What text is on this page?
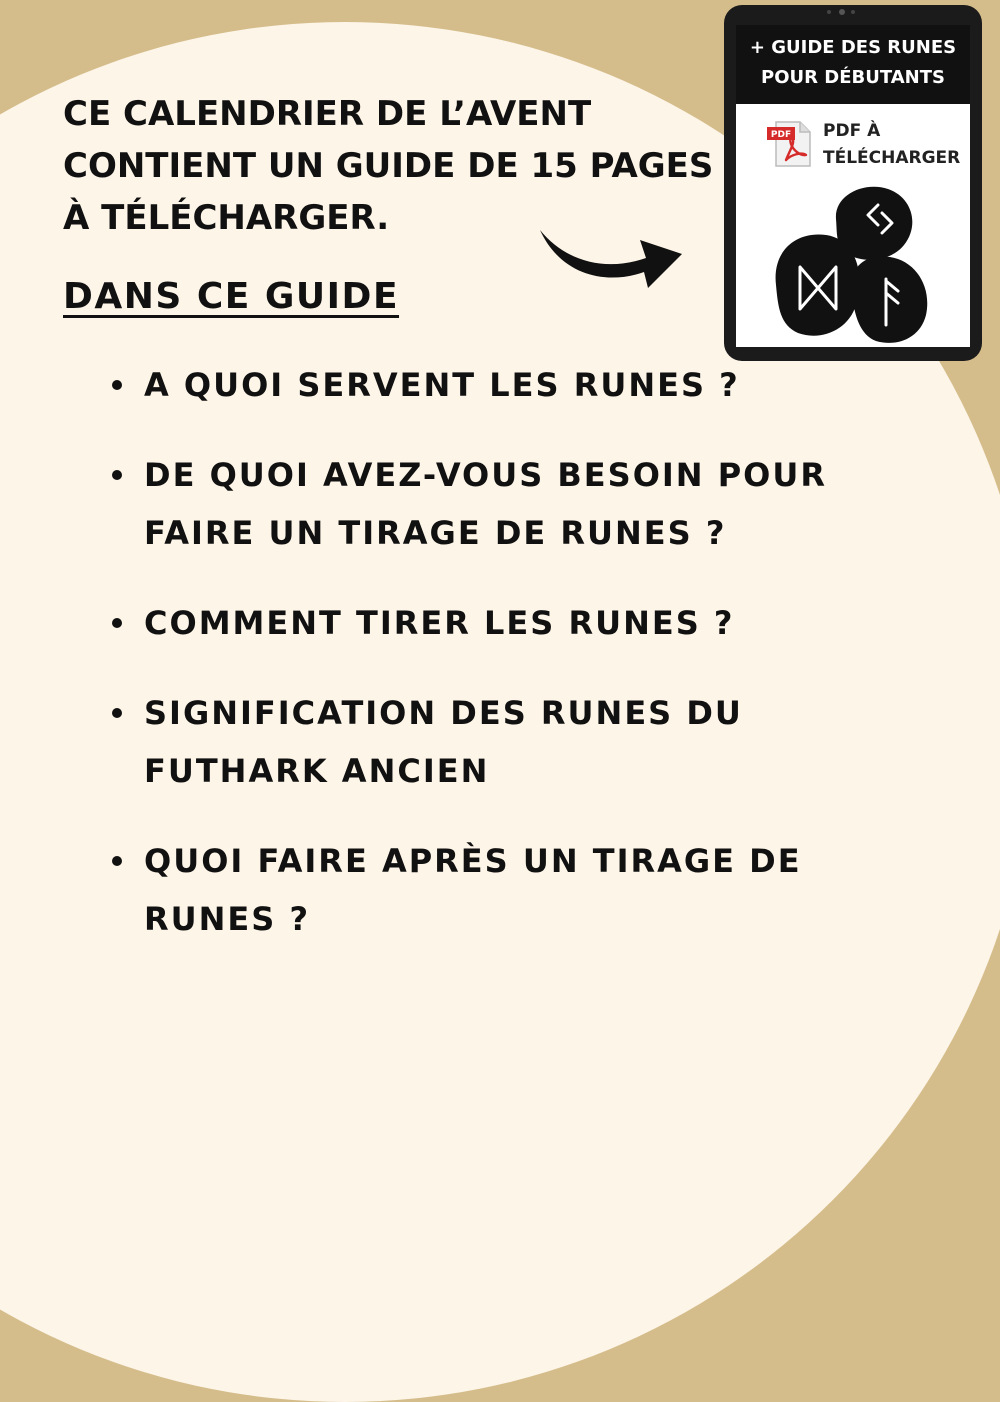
CE CALENDRIER DE L’AVENT
CONTIENT UN GUIDE DE 15 PAGES
À TÉLÉCHARGER.
DANS CE GUIDE
A QUOI SERVENT LES RUNES ?
DE QUOI AVEZ-VOUS BESOIN POUR
FAIRE UN TIRAGE DE RUNES ?
COMMENT TIRER LES RUNES ?
SIGNIFICATION DES RUNES DU
FUTHARK ANCIEN
QUOI FAIRE APRÈS UN TIRAGE DE
RUNES ?
+ GUIDE DES RUNES
POUR DÉBUTANTS
PDF PDF À
TÉLÉCHARGER
